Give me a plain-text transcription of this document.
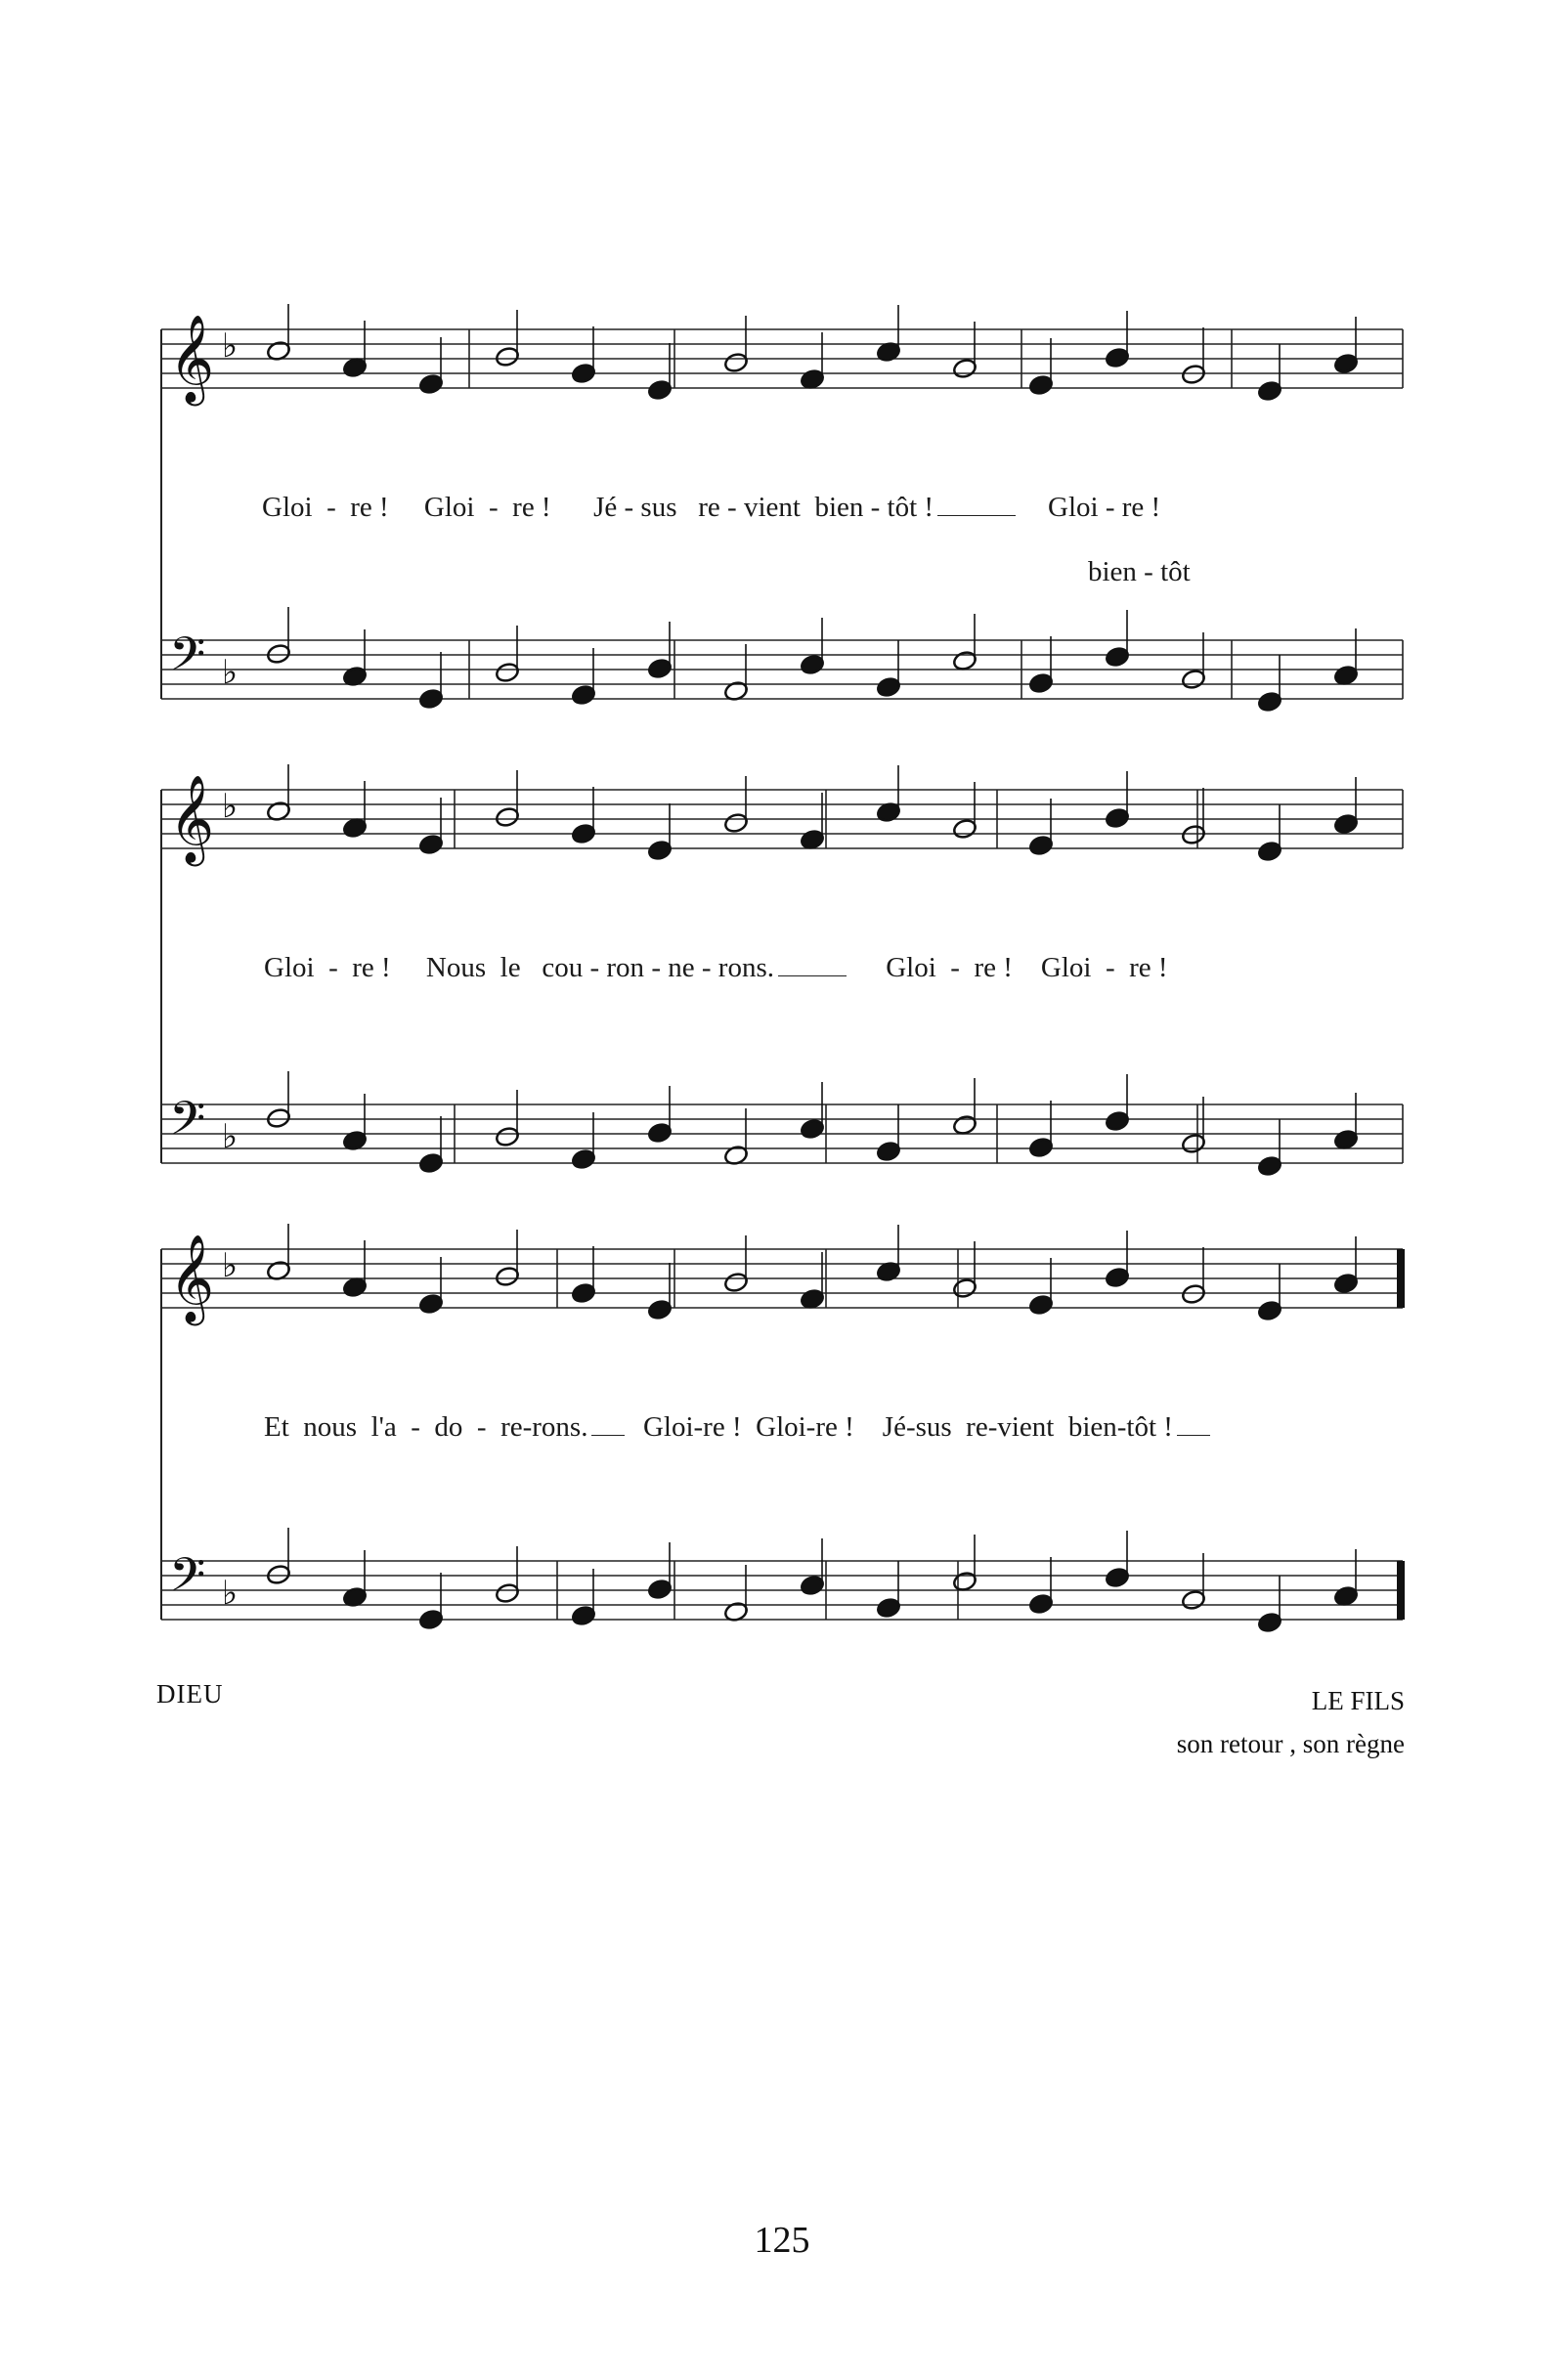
𝄞
𝄢
♭
♭
𝄞
𝄢
♭
♭
𝄞
𝄢
♭
♭
Gloi - re ! Gloi - re ! Jé - sus re - vient bien - tôt !	Gloi - re !
bien - tôt
Gloi - re ! Nous le cou - ron - ne - rons.	Gloi - re ! Gloi - re !
Et nous l'a - do - re-rons. Gloi-re ! Gloi-re ! Jé-sus re-vient bien-tôt !
DIEU	LE FILS
son retour , son règne
125
